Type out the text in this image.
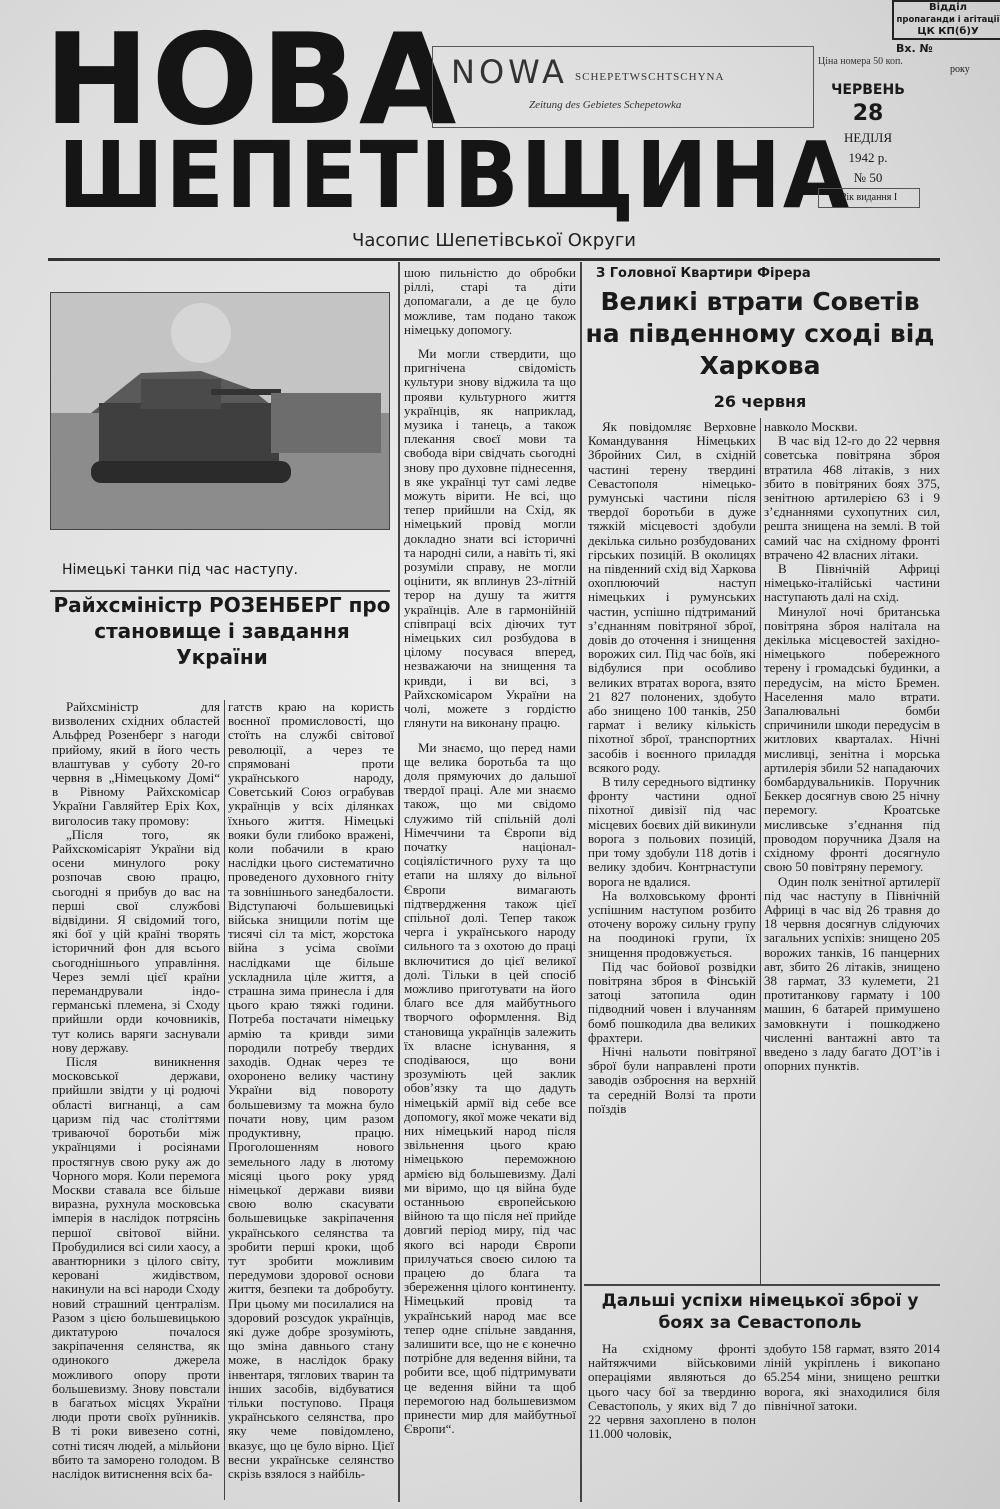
НОВА
ШЕПЕТІВЩИНА
NOWA SCHEPETWSCHTSCHYNA
Zeitung des Gebietes Schepetowka
Ціна номера 50 коп.
ЧЕРВЕНЬ
28
НЕДІЛЯ
1942 р.
№ 50
Рік видання І
Відділ
пропаганди і агітації
ЦК КП(б)У
Вх. №
року
Часопис Шепетівської Округи
Німецькі танки під час наступу.
Райхсміністр РОЗЕНБЕРГ про становище і завдання України

Райхсміністр для визволених східних областей Альфред Розенберг з нагоди прийому, який в його честь влаштував у суботу 20-го червня в „Німецькому Домі“ в Рівному Райхскомісар України Гавляйтер Еріх Кох, виголосив таку промову:

„Після того, як Райхскомісаріят України від осени минулого року розпочав свою працю, сьогодні я прибув до вас на перші свої службові відвідини. Я свідомий того, які бої у цій країні творять історичний фон для всього сьогоднішнього управління. Через землі цієї країни перемандрували індо-германські племена, зі Сходу прийшли орди кочовників, тут колись варяги заснували нову державу.

Після виникнення московської держави, прийшли звідти у ці родючі області вигнанці, а сам царизм під час століттями триваючої боротьби між українцями і росіянами простягнув свою руку аж до Чорного моря. Коли перемога Москви ставала все більше виразна, рухнула московська імперія в наслідок потрясінь першої світової війни. Пробудилися всі сили хаосу, а авантюрники з цілого світу, керовані жидівством, накинули на всі народи Сходу новий страшний централізм. Разом з цією большевицькою диктатурою почалося закріпачення селянства, як одинокого джерела можливого опору проти большевизму. Знову повстали в багатьох місцях України люди проти своїх руїнників. В ті роки вивезено сотні, сотні тисяч людей, а мільйони вбито та заморено голодом. В наслідок витиснення всіх ба-

гатств краю на користь воєнної промисловості, що стоїть на службі світової революції, а через те спрямовані проти українського народу, Советський Союз ограбував українців у всіх ділянках їхнього життя. Німецькі вояки були глибоко вражені, коли побачили в краю наслідки цього систематично проведеного духовного гніту та зовнішнього занедбалости. Відступаючі большевицькі війська знищили потім ще тисячі сіл та міст, жорстока війна з усіма своїми наслідками ще більше ускладнила ціле життя, а страшна зима принесла і для цього краю тяжкі години. Потреба постачати німецьку армію та кривди зими породили потребу твердих заходів. Однак через те охоронено велику частину України від поворотy большевизму та можна було почати нову, цим разом продуктивну, працю. Проголошенням нового земельного ладу в лютому місяці цього року уряд німецької держави вияви свою волю скасувати большевицьке закріпачення українського селянства та зробити перші кроки, щоб тут зробити можливим передумови здорової основи життя, безпеки та добробуту. При цьому ми посилалися на здоровий розсудок українців, які дуже добре зрозуміють, що зміна давнього стану може, в наслідок браку інвентаря, тяглових тварин та інших засобів, відбуватися тільки поступово. Праця українського селянства, про яку чеме повідомлено, вказує, що це було вірно. Цієї весни українське селянство скрізь взялося з найбіль-

шою пильністю до обробки ріллі, старі та діти допомагали, а де це було можливе, там подано також німецьку допомогу.

Ми могли ствердити, що пригнічена свідомість культури знову віджила та що прояви культурного життя українців, як наприклад, музика і танець, а також плекання своєї мови та свобода віри свідчать сьогодні знову про духовне піднесення, в яке українці тут самі ледве можуть вірити. Не всі, що тепер прийшли на Схід, як німецький провід могли докладно знати всі історичні та народні сили, а навіть ті, які розуміли справу, не могли оцінити, як вплинув 23-літній терор на душу та життя українців. Але в гармонійній співпраці всіх діючих тут німецьких сил розбудова в цілому посувася вперед, незважаючи на знищення та кривди, і ви всі, з Райхскомісаром України на чолі, можете з гордістю глянути на виконану працю.

Ми знаємо, що перед нами ще велика боротьба та що доля прямуючих до дальшої твердої праці. Але ми знаємо також, що ми свідомо служимо тій спільній долі Німеччини та Європи від початку націонал-соціялістичного руху та що етапи на шляху до вільної Європи вимагають підтвердження також цієї спільної долі. Тепер також черга і українського народу сильного та з охотою до праці включитися до цієї великої долі. Тільки в цей спосіб можливо приготувати на його благо все для майбутнього творчого оформлення. Від становища українців залежить їх власне існування, я сподіваюся, що вони зрозуміють цей заклик обов’язку та що дадуть німецькій армії від себе все допомогу, якої може чекати від них німецький народ після звільнення цього краю німецькою переможною армією від большевизму. Далі ми віримо, що ця війна буде останньою європейською війною та що після неї прийде довгий період миру, під час якого всі народи Європи прилучаться своєю силою та працею до блага та збереження цілого континенту. Німецький провід та український народ має все тепер одне спільне завдання, залишити все, що не є конечно потрібне для ведення війни, та робити все, щоб підтримувати це ведення війни та щоб перемогою над большевизмом принести мир для майбутньої Європи“.

З Головної Квартири Фірера
Великі втрати Советів на південному сході від Харкова
26 червня

Як повідомляє Верховне Командування Німецьких Збройних Сил, в східній частині терену твердині Севастополя німецько-румунські частини після твердої боротьби в дуже тяжкій місцевості здобули декілька сильно розбудованих гірських позицій. В околицях на південний схід від Харкова охоплюючий наступ німецьких і румунських частин, успішно підтриманий з’єднанням повітряної зброї, довів до оточення і знищення ворожих сил. Під час боїв, які відбулися при особливо великих втратах ворога, взято 21 827 полонених, здобуто або знищено 100 танків, 250 гармат і велику кількість піхотної зброї, транспортних засобів і воєнного приладдя всякого роду.

В тилу середнього відтинку фронту частини одної піхотної дивізії під час місцевих боєвих дій викинули ворога з польових позицій, при тому здобули 118 дотів і велику здобич. Контрнаступи ворога не вдалися.

На волховському фронті успішним наступом розбито оточену ворожу сильну групу на поодинокі групи, їх знищення продовжується.

Під час бойової розвідки повітряна зброя в Фінській затоці затопила один підводний човен і влучанням бомб пошкодила два великих фрахтери.

Нічні нальоти повітряної зброї були направлені проти заводів озброєння на верхній та середній Волзі та проти поїздів

навколо Москви.

В час від 12-го до 22 червня советська повітряна зброя втратила 468 літаків, з них збито в повітряних боях 375, зенітною артилерією 63 і 9 з’єднаннями сухопутних сил, решта знищена на землі. В той самий час на східному фронті втрачено 42 власних літаки.

В Північній Африці німецько-італійські частини наступають далі на схід.

Минулої ночі британська повітряна зброя налітала на декілька місцевостей західно-німецького побережного терену і громадські будинки, а передусім, на місто Бремен. Населення мало втрати. Запалювальні бомби спричинили шкоди передусім в житлових кварталах. Нічні мисливці, зенітна і морська артилерія збили 52 нападаючих бомбардувальників. Поручник Беккер досягнув свою 25 нічну перемогу. Кроатське мисливське з’єднання під проводом поручника Дзаля на східному фронті досягнуло свою 50 повітряну перемогу.

Один полк зенітної артилерії під час наступу в Північній Африці в час від 26 травня до 18 червня досягнув слідуючих загальних успіхів: знищено 205 ворожих танків, 16 панцерних авт, збито 26 літаків, знищено 38 гармат, 33 кулемети, 21 протитанкову гармату і 100 машин, 6 батарей примушено замовкнути і пошкоджено численні вантажні авто та введено з ладу багато ДОТ’ів і опорних пунктів.

Дальші успіхи німецької зброї у боях за Севастополь

На східному фронті найтяжчими військовими операціями являються до цього часу бої за твердиню Севастополь, у яких від 7 до 22 червня захоплено в полон 11.000 чоловік,

здобуто 158 гармат, взято 2014 ліній укріплень і викопано 65.254 міни, знищено рештки ворога, які знаходилися біля північної затоки.
